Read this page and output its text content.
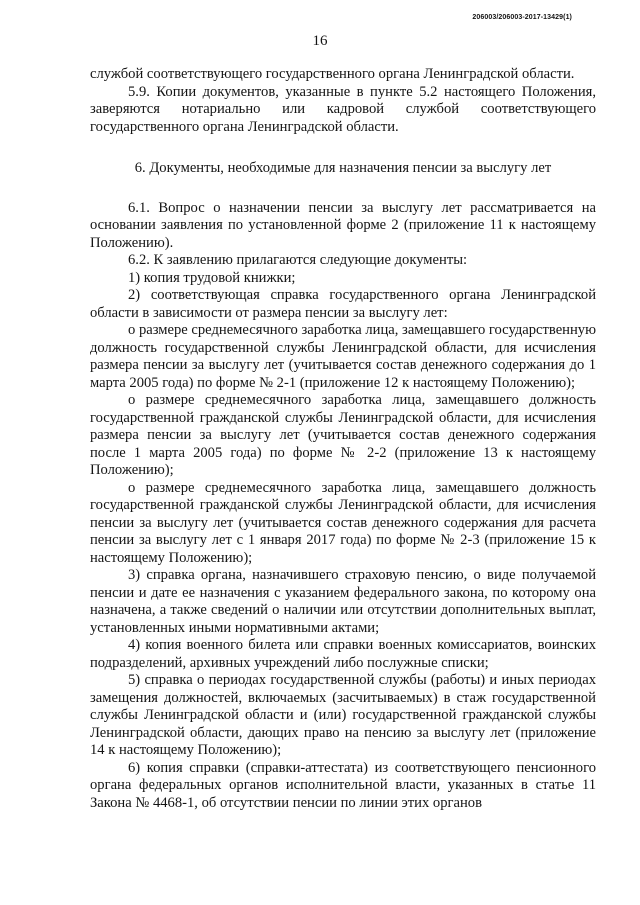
206003/206003-2017-13429(1)
16

службой соответствующего государственного органа Ленинградской области.

5.9. Копии документов, указанные в пункте 5.2 настоящего Положения, заверяются нотариально или кадровой службой соответствующего государственного органа Ленинградской области.

6. Документы, необходимые для назначения пенсии за выслугу лет

6.1. Вопрос о назначении пенсии за выслугу лет рассматривается на основании заявления по установленной форме 2 (приложение 11 к настоящему Положению).

6.2. К заявлению прилагаются следующие документы:

1) копия трудовой книжки;

2) соответствующая справка государственного органа Ленинградской области в зависимости от размера пенсии за выслугу лет:

о размере среднемесячного заработка лица, замещавшего государственную должность государственной службы Ленинградской области, для исчисления размера пенсии за выслугу лет (учитывается состав денежного содержания до 1 марта 2005 года) по форме № 2-1 (приложение 12 к настоящему Положению);

о размере среднемесячного заработка лица, замещавшего должность государственной гражданской службы Ленинградской области, для исчисления размера пенсии за выслугу лет (учитывается состав денежного содержания после 1 марта 2005 года) по форме № 2-2 (приложение 13 к настоящему Положению);

о размере среднемесячного заработка лица, замещавшего должность государственной гражданской службы Ленинградской области, для исчисления пенсии за выслугу лет (учитывается состав денежного содержания для расчета пенсии за выслугу лет с 1 января 2017 года) по форме № 2-3 (приложение 15 к настоящему Положению);

3) справка органа, назначившего страховую пенсию, о виде получаемой пенсии и дате ее назначения с указанием федерального закона, по которому она назначена, а также сведений о наличии или отсутствии дополнительных выплат, установленных иными нормативными актами;

4) копия военного билета или справки военных комиссариатов, воинских подразделений, архивных учреждений либо послужные списки;

5) справка о периодах государственной службы (работы) и иных периодах замещения должностей, включаемых (засчитываемых) в стаж государственной службы Ленинградской области и (или) государственной гражданской службы Ленинградской области, дающих право на пенсию за выслугу лет (приложение 14 к настоящему Положению);

6) копия справки (справки-аттестата) из соответствующего пенсионного органа федеральных органов исполнительной власти, указанных в статье 11 Закона № 4468-1, об отсутствии пенсии по линии этих органов
